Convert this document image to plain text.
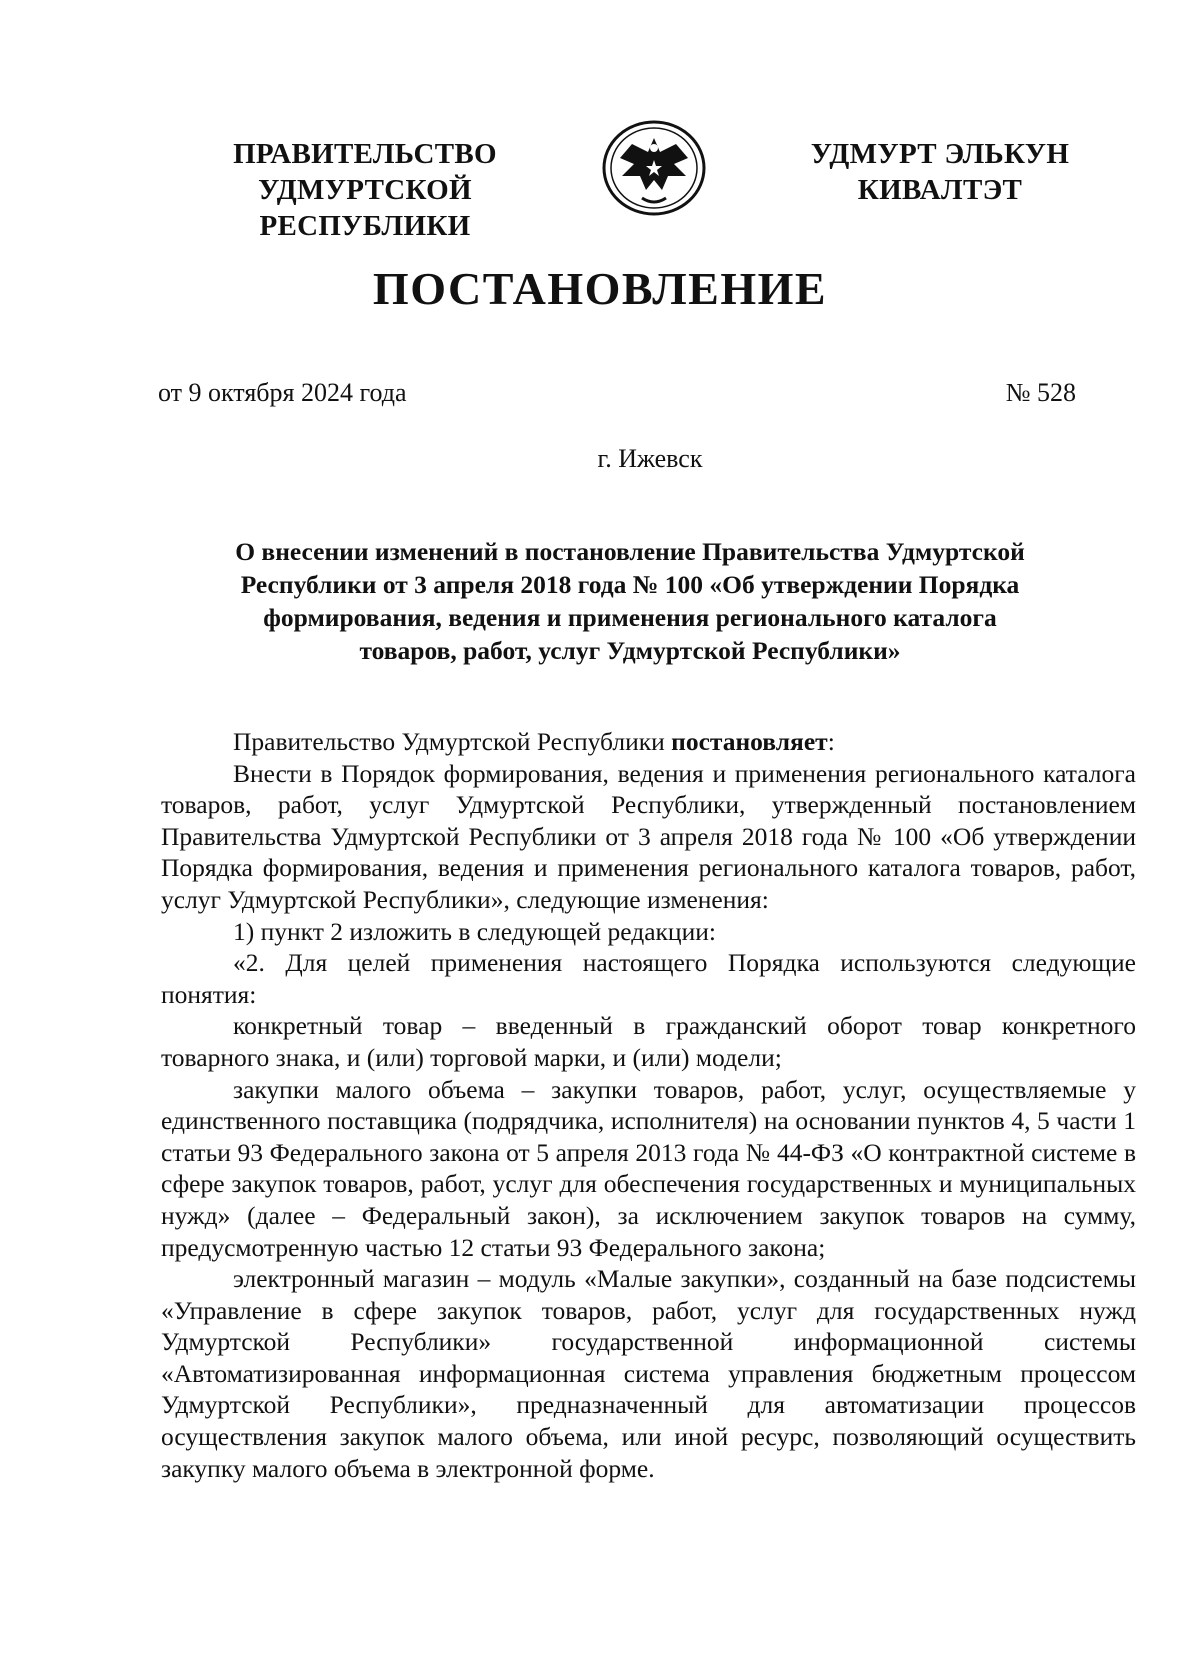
ПРАВИТЕЛЬСТВО
УДМУРТСКОЙ РЕСПУБЛИКИ
УДМУРТ ЭЛЬКУН
КИВАЛТЭТ
ПОСТАНОВЛЕНИЕ
от 9 октября 2024 года	№ 528
г. Ижевск
О внесении изменений в постановление Правительства Удмуртской
Республики от 3 апреля 2018 года № 100 «Об утверждении Порядка
формирования, ведения и применения регионального каталога
товаров, работ, услуг Удмуртской Республики»

Правительство Удмуртской Республики постановляет:

Внести в Порядок формирования, ведения и применения регионального каталога товаров, работ, услуг Удмуртской Республики, утвержденный постановлением Правительства Удмуртской Республики от 3 апреля 2018 года № 100 «Об утверждении Порядка формирования, ведения и применения регионального каталога товаров, работ, услуг Удмуртской Республики», следующие изменения:

1) пункт 2 изложить в следующей редакции:

«2. Для целей применения настоящего Порядка используются следующие понятия:

конкретный товар – введенный в гражданский оборот товар конкретного товарного знака, и (или) торговой марки, и (или) модели;

закупки малого объема – закупки товаров, работ, услуг, осуществляемые у единственного поставщика (подрядчика, исполнителя) на основании пунктов 4, 5 части 1 статьи 93 Федерального закона от 5 апреля 2013 года № 44-ФЗ «О контрактной системе в сфере закупок товаров, работ, услуг для обеспечения государственных и муниципальных нужд» (далее – Федеральный закон), за исключением закупок товаров на сумму, предусмотренную частью 12 статьи 93 Федерального закона;

электронный магазин – модуль «Малые закупки», созданный на базе подсистемы «Управление в сфере закупок товаров, работ, услуг для государственных нужд Удмуртской Республики» государственной информационной системы «Автоматизированная информационная система управления бюджетным процессом Удмуртской Республики», предназначенный для автоматизации процессов осуществления закупок малого объема, или иной ресурс, позволяющий осуществить закупку малого объема в электронной форме.
